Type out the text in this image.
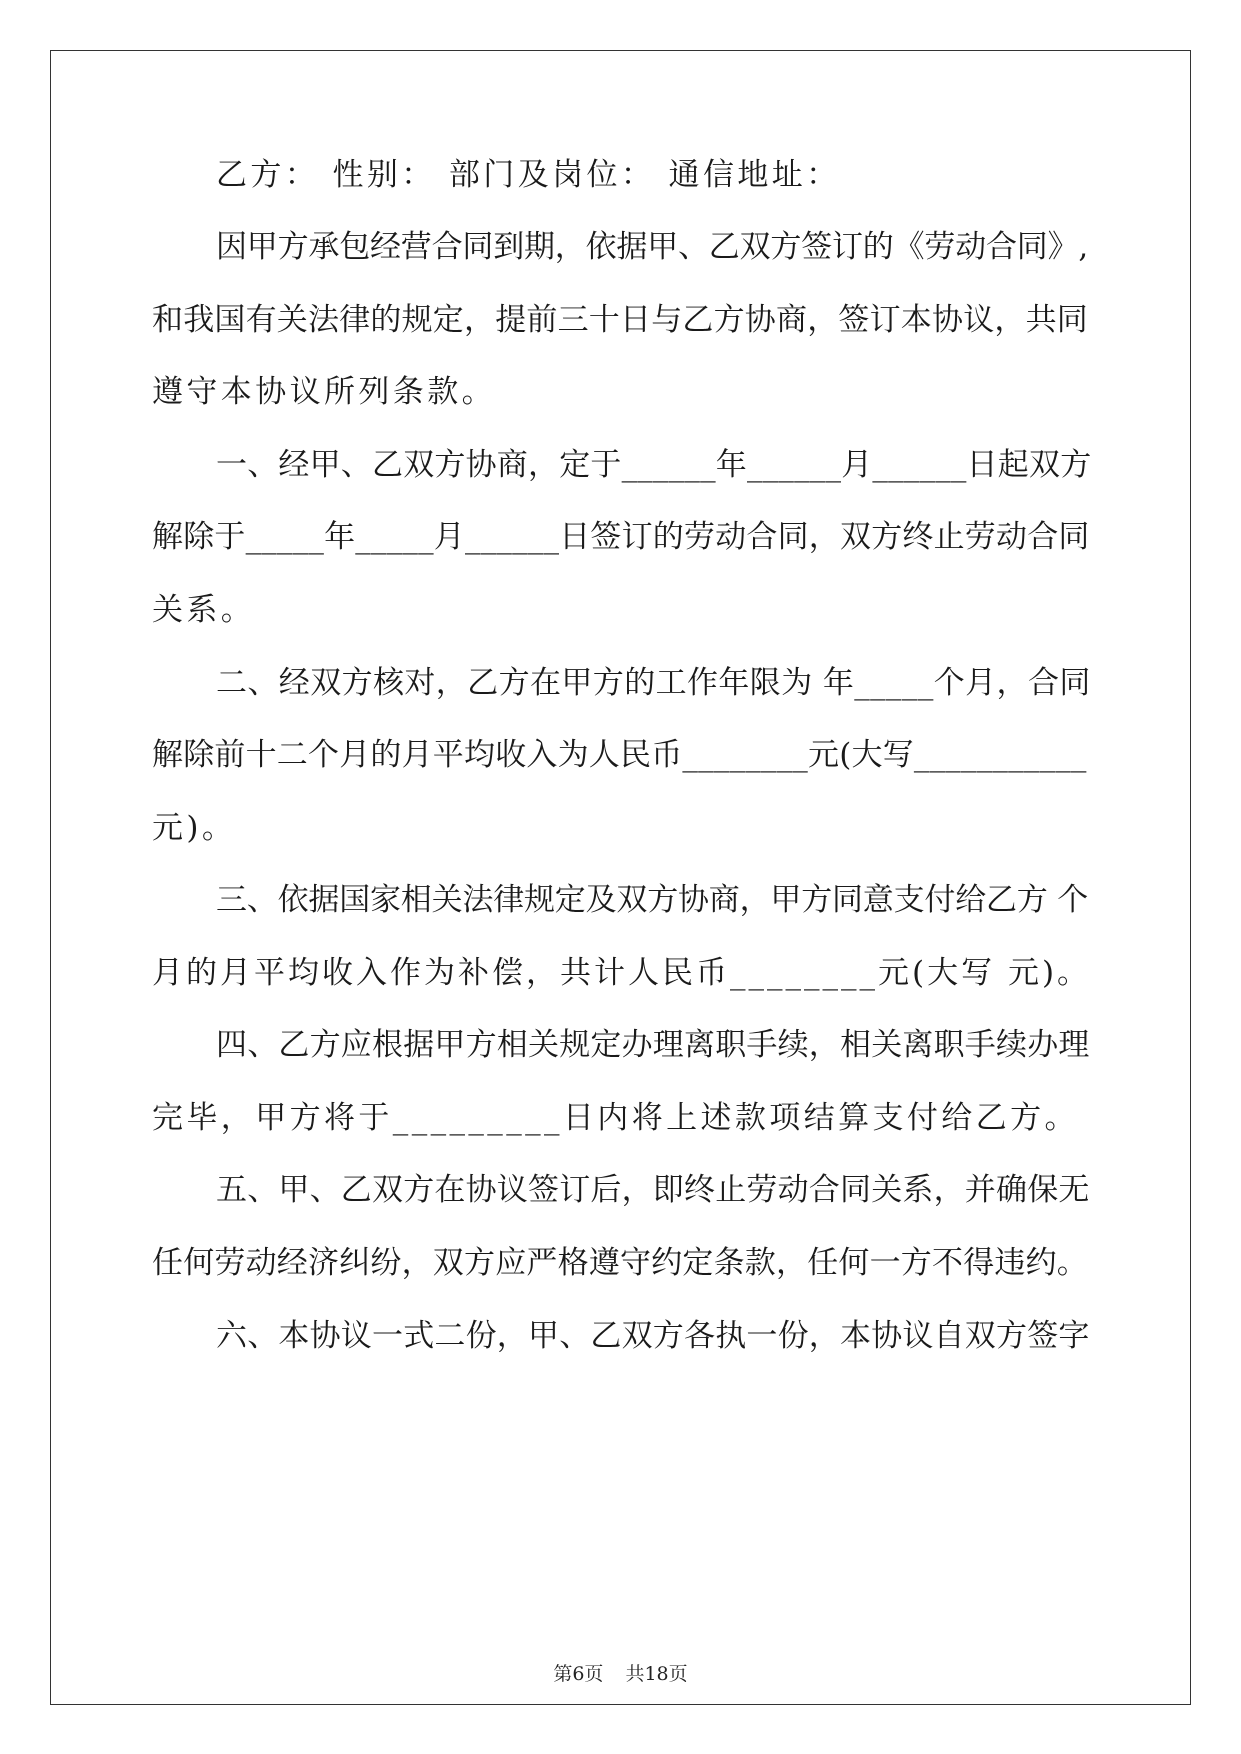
乙方： 性别： 部门及岗位： 通信地址：
因甲方承包经营合同到期，依据甲、乙双方签订的《劳动合同》,
和我国有关法律的规定，提前三十日与乙方协商，签订本协议，共同
遵守本协议所列条款。
一、经甲、乙双方协商，定于______年______月______日起双方
解除于_____年_____月______日签订的劳动合同，双方终止劳动合同
关系。
二、经双方核对，乙方在甲方的工作年限为 年_____个月，合同
解除前十二个月的月平均收入为人民币________元(大写___________
元)。
三、依据国家相关法律规定及双方协商，甲方同意支付给乙方 个
月的月平均收入作为补偿，共计人民币________元(大写 元)。
四、乙方应根据甲方相关规定办理离职手续，相关离职手续办理
完毕，甲方将于_________日内将上述款项结算支付给乙方。
五、甲、乙双方在协议签订后，即终止劳动合同关系，并确保无
任何劳动经济纠纷，双方应严格遵守约定条款，任何一方不得违约。
六、本协议一式二份，甲、乙双方各执一份，本协议自双方签字
第6页 共18页
